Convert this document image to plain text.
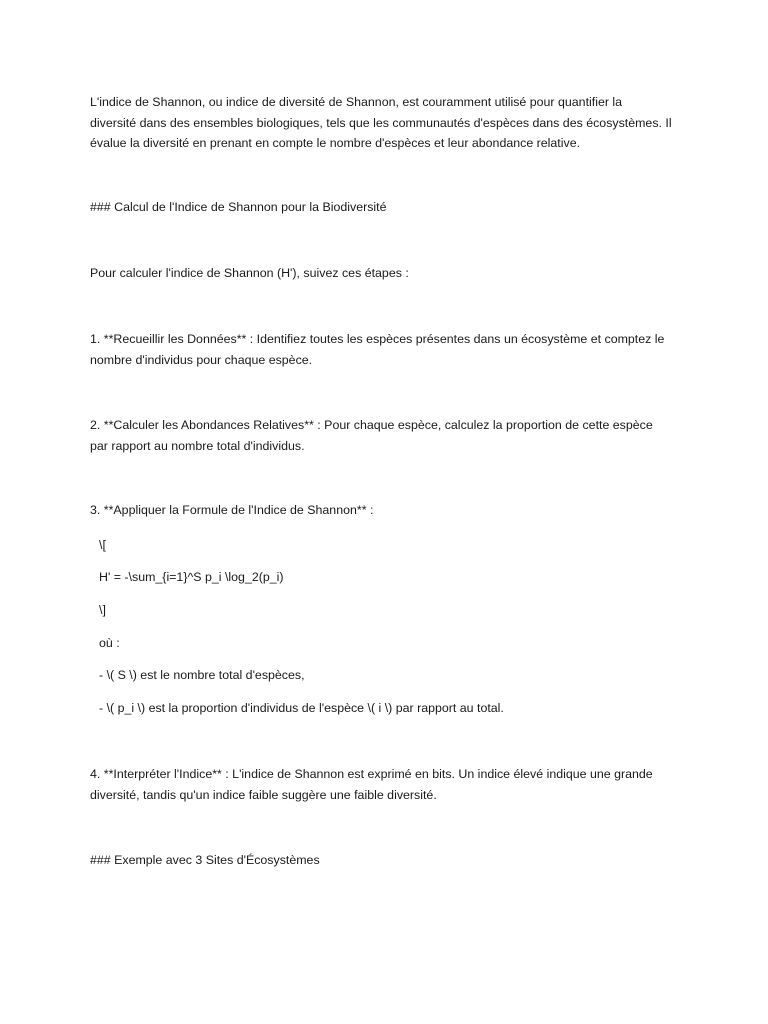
L'indice de Shannon, ou indice de diversité de Shannon, est couramment utilisé pour quantifier la
diversité dans des ensembles biologiques, tels que les communautés d'espèces dans des écosystèmes. Il
évalue la diversité en prenant en compte le nombre d'espèces et leur abondance relative.

### Calcul de l'Indice de Shannon pour la Biodiversité

Pour calculer l'indice de Shannon (H'), suivez ces étapes :

1. **Recueillir les Données** : Identifiez toutes les espèces présentes dans un écosystème et comptez le
nombre d'individus pour chaque espèce.

2. **Calculer les Abondances Relatives** : Pour chaque espèce, calculez la proportion de cette espèce
par rapport au nombre total d'individus.

3. **Appliquer la Formule de l'Indice de Shannon** :

\[

H' = -\sum_{i=1}^S p_i \log_2(p_i)

\]

où :

- \( S \) est le nombre total d'espèces,

- \( p_i \) est la proportion d'individus de l'espèce \( i \) par rapport au total.

4. **Interpréter l'Indice** : L'indice de Shannon est exprimé en bits. Un indice élevé indique une grande
diversité, tandis qu'un indice faible suggère une faible diversité.

### Exemple avec 3 Sites d'Écosystèmes
